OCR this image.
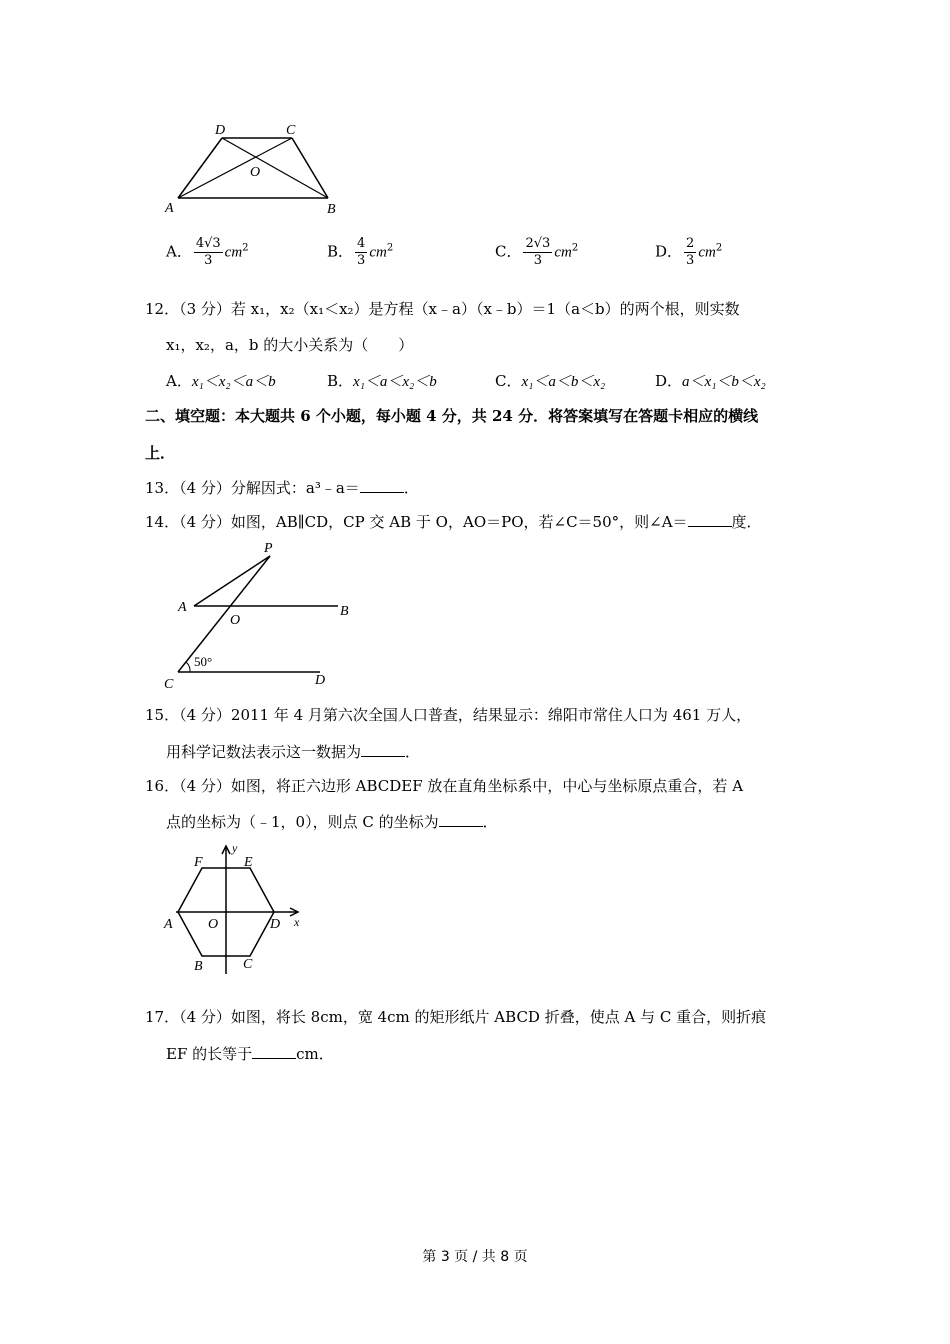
D	C
O
A	B
A． $\frac{4√3}{3} cm^2$	B． $\frac{4}{3} cm^2$	C． $\frac{2√3}{3} cm^2$	D． $\frac{2}{3} cm^2$
12．（3 分）若 x₁，x₂（x₁＜x₂）是方程（x﹣a）（x﹣b）＝1（a＜b）的两个根，则实数
x₁，x₂，a，b 的大小关系为（　　）
A．x₁＜x₂＜a＜b	B．x₁＜a＜x₂＜b	C．x₁＜a＜b＜x₂	D．a＜x₁＜b＜x₂
二、填空题：本大题共 6 个小题，每小题 4 分，共 24 分．将答案填写在答题卡相应的横线
上．
13．（4 分）分解因式：a³﹣a＝	．
14．（4 分）如图，AB∥CD，CP 交 AB 于 O，AO＝PO，若∠C＝50°，则∠A＝	度．
P
A
O
B
50°
C	D
15．（4 分）2011 年 4 月第六次全国人口普查，结果显示：绵阳市常住人口为 461 万人，
用科学记数法表示这一数据为	．
16．（4 分）如图，将正六边形 ABCDEF 放在直角坐标系中，中心与坐标原点重合，若 A
点的坐标为（﹣1，0），则点 C 的坐标为	．
y
x
F	E
A	O	D
B	C
17．（4 分）如图，将长 8cm，宽 4cm 的矩形纸片 ABCD 折叠，使点 A 与 C 重合，则折痕
EF 的长等于	cm．
第 3 页 / 共 8 页
